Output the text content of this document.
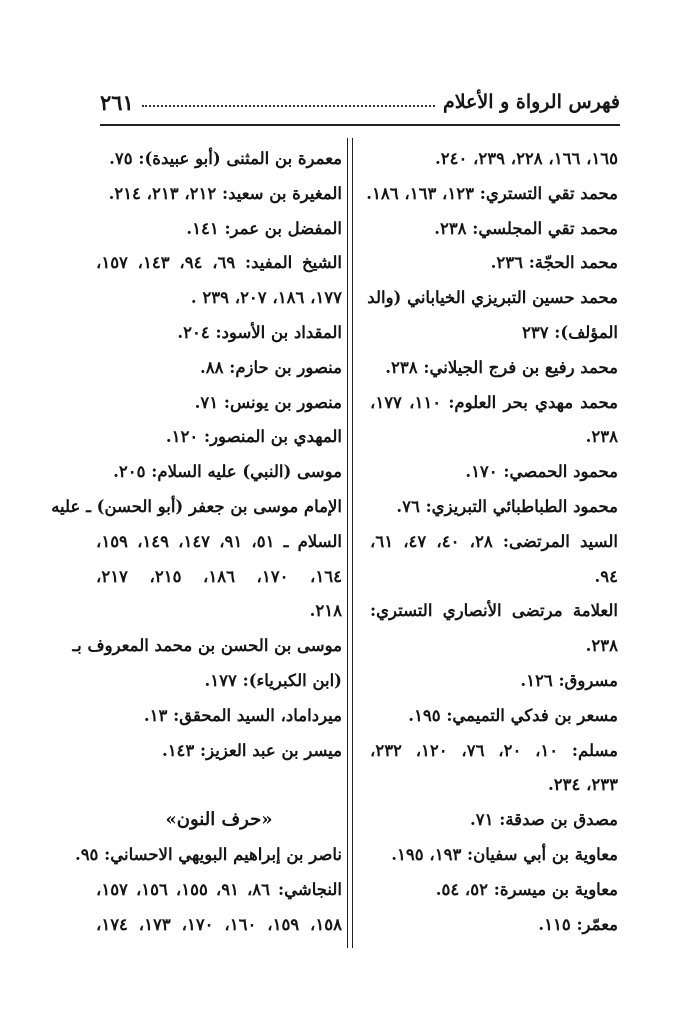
فهرس الرواة و الأعلام
٢٦١
١٦٥، ١٦٦، ٢٢٨، ٢٣٩، ٢٤٠.
محمد تقي التستري: ١٢٣، ١٦٣، ١٨٦.
محمد تقي المجلسي: ٢٣٨.
محمد الحجّة: ٢٣٦.
محمد حسين التبريزي الخياباني (والد
المؤلف): ٢٣٧
محمد رفيع بن فرج الجيلاني: ٢٣٨.
محمد مهدي بحر العلوم: ١١٠، ١٧٧،
٢٣٨.
محمود الحمصي: ١٧٠.
محمود الطباطبائي التبريزي: ٧٦.
السيد المرتضى: ٢٨، ٤٠، ٤٧، ٦١،
٩٤.
العلامة مرتضى الأنصاري التستري:
٢٣٨.
مسروق: ١٢٦.
مسعر بن فدكي التميمي: ١٩٥.
مسلم: ١٠، ٢٠، ٧٦، ١٢٠، ٢٣٢،
٢٣٣، ٢٣٤.
مصدق بن صدقة: ٧١.
معاوية بن أبي سفيان: ١٩٣، ١٩٥.
معاوية بن ميسرة: ٥٢، ٥٤.
معمّر: ١١٥.
معمرة بن المثنى (أبو عبيدة): ٧٥.
المغيرة بن سعيد: ٢١٢، ٢١٣، ٢١٤.
المفضل بن عمر: ١٤١.
الشيخ المفيد: ٦٩، ٩٤، ١٤٣، ١٥٧،
١٧٧، ١٨٦، ٢٠٧، ٢٣٩ .
المقداد بن الأسود: ٢٠٤.
منصور بن حازم: ٨٨.
منصور بن يونس: ٧١.
المهدي بن المنصور: ١٢٠.
موسى (النبي) عليه السلام: ٢٠٥.
الإمام موسى بن جعفر (أبو الحسن) ـ عليه
السلام ـ ٥١، ٩١، ١٤٧، ١٤٩، ١٥٩،
١٦٤، ١٧٠، ١٨٦، ٢١٥، ٢١٧،
٢١٨.
موسى بن الحسن بن محمد المعروف بـ
(ابن الكبرياء): ١٧٧.
ميرداماد، السيد المحقق: ١٣.
ميسر بن عبد العزيز: ١٤٣.
«حرف النون»
ناصر بن إبراهيم البويهي الاحساني: ٩٥.
النجاشي: ٨٦، ٩١، ١٥٥، ١٥٦، ١٥٧،
١٥٨، ١٥٩، ١٦٠، ١٧٠، ١٧٣، ١٧٤،
